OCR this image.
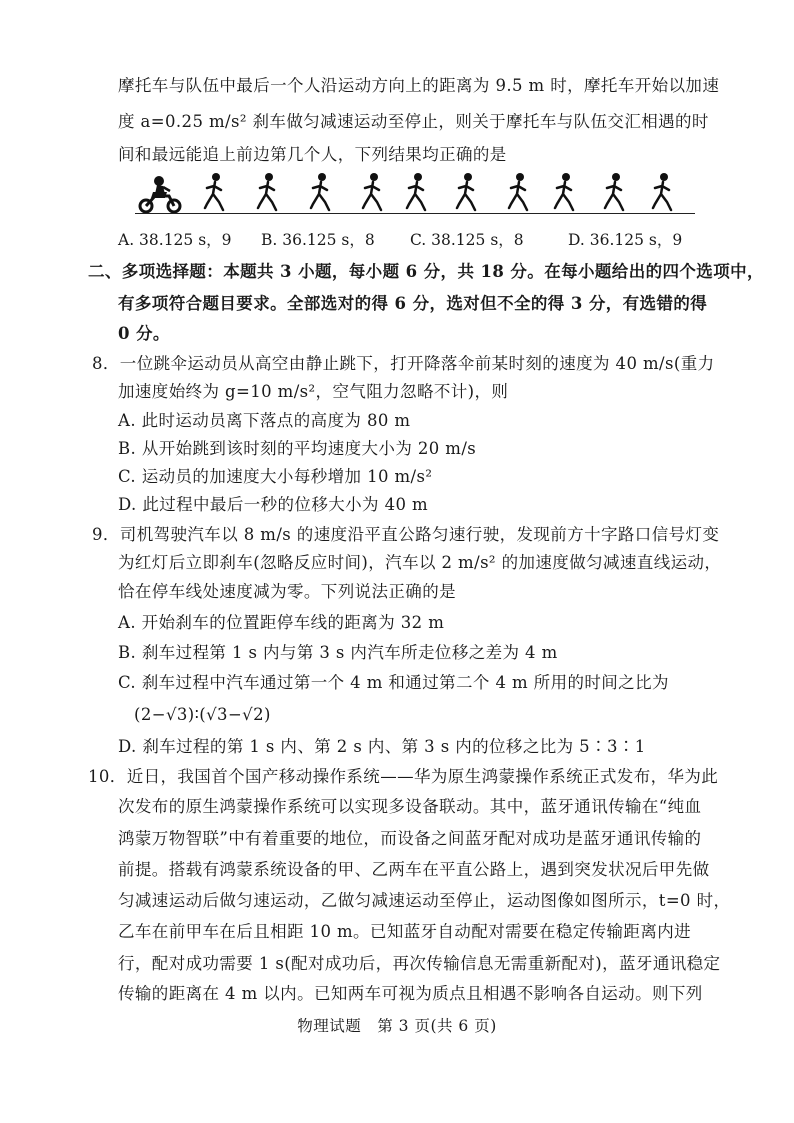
摩托车与队伍中最后一个人沿运动方向上的距离为 9.5 m 时，摩托车开始以加速
度 a=0.25 m/s² 刹车做匀减速运动至停止，则关于摩托车与队伍交汇相遇的时
间和最远能追上前边第几个人，下列结果均正确的是
A. 38.125 s，9 B. 36.125 s，8 C. 38.125 s，8	D. 36.125 s，9
二、多项选择题：本题共 3 小题，每小题 6 分，共 18 分。在每小题给出的四个选项中，
有多项符合题目要求。全部选对的得 6 分，选对但不全的得 3 分，有选错的得
0 分。
8．一位跳伞运动员从高空由静止跳下，打开降落伞前某时刻的速度为 40 m/s(重力
加速度始终为 g=10 m/s²，空气阻力忽略不计)，则
A. 此时运动员离下落点的高度为 80 m
B. 从开始跳到该时刻的平均速度大小为 20 m/s
C. 运动员的加速度大小每秒增加 10 m/s²
D. 此过程中最后一秒的位移大小为 40 m
9．司机驾驶汽车以 8 m/s 的速度沿平直公路匀速行驶，发现前方十字路口信号灯变
为红灯后立即刹车(忽略反应时间)，汽车以 2 m/s² 的加速度做匀减速直线运动，
恰在停车线处速度减为零。下列说法正确的是
A. 开始刹车的位置距停车线的距离为 32 m
B. 刹车过程第 1 s 内与第 3 s 内汽车所走位移之差为 4 m
C. 刹车过程中汽车通过第一个 4 m 和通过第二个 4 m 所用的时间之比为
(2−√3)∶(√3−√2)
D. 刹车过程的第 1 s 内、第 2 s 内、第 3 s 内的位移之比为 5∶3∶1
10．近日，我国首个国产移动操作系统——华为原生鸿蒙操作系统正式发布，华为此
次发布的原生鸿蒙操作系统可以实现多设备联动。其中，蓝牙通讯传输在“纯血
鸿蒙万物智联”中有着重要的地位，而设备之间蓝牙配对成功是蓝牙通讯传输的
前提。搭载有鸿蒙系统设备的甲、乙两车在平直公路上，遇到突发状况后甲先做
匀减速运动后做匀速运动，乙做匀减速运动至停止，运动图像如图所示，t=0 时，
乙车在前甲车在后且相距 10 m。已知蓝牙自动配对需要在稳定传输距离内进
行，配对成功需要 1 s(配对成功后，再次传输信息无需重新配对)，蓝牙通讯稳定
传输的距离在 4 m 以内。已知两车可视为质点且相遇不影响各自运动。则下列
物理试题　第 3 页(共 6 页)
